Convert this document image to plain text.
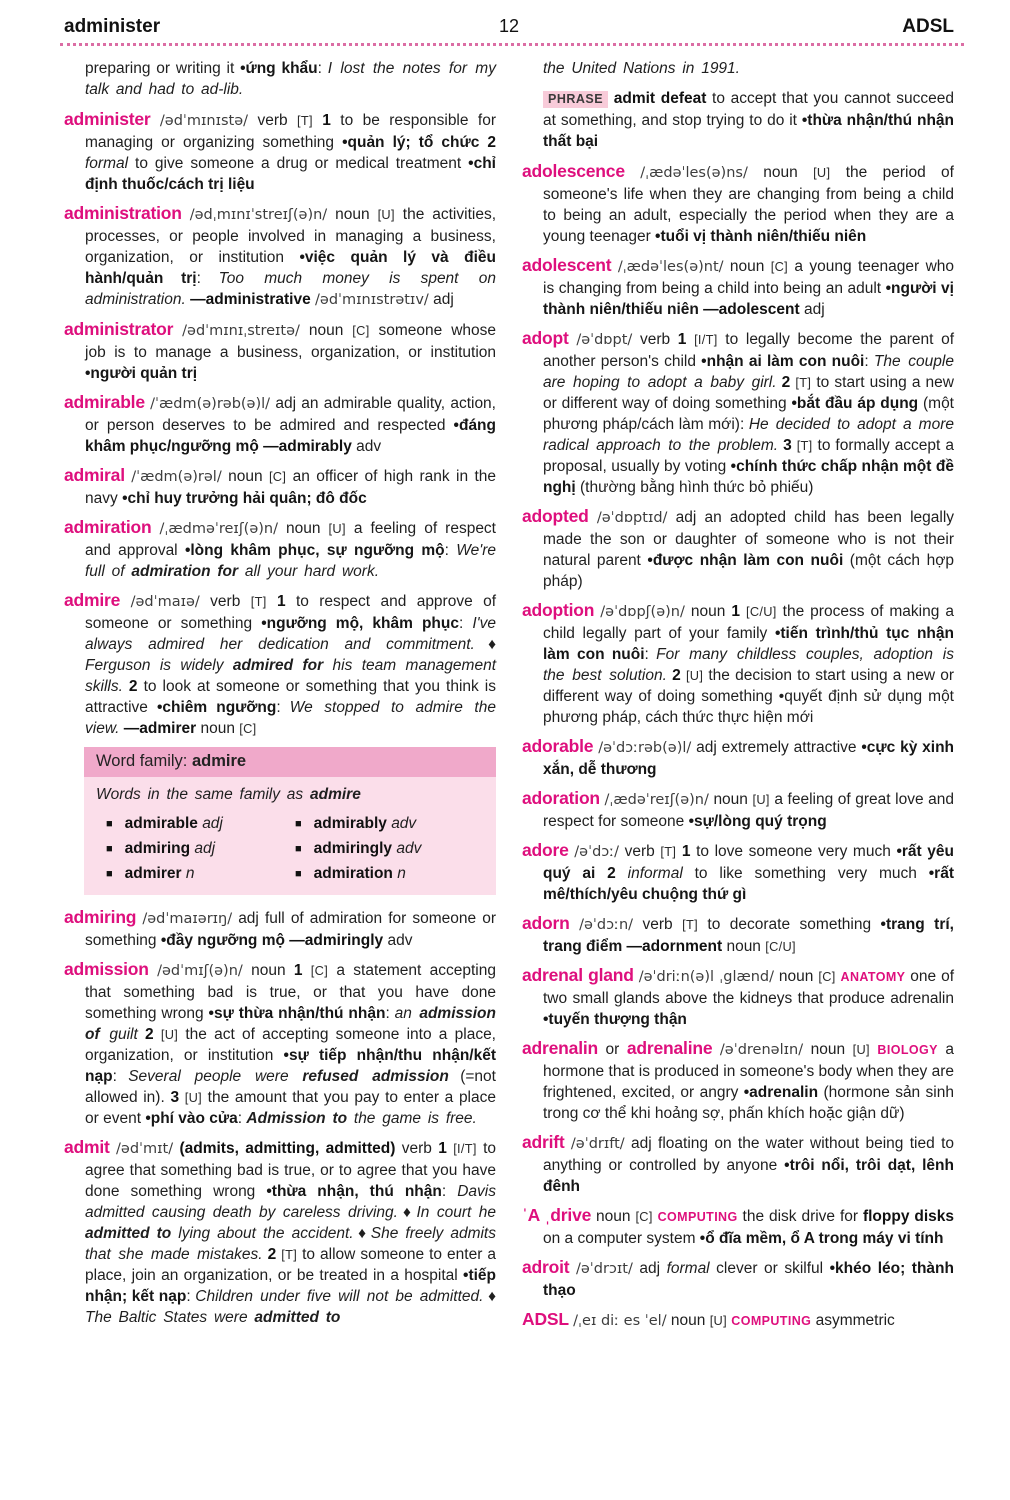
administer	12	ADSL

preparing or writing it •ứng khẩu: I lost the notes for my talk and had to ad-lib.

administer /ədˈmɪnɪstə/ verb [T] 1 to be responsible for managing or organizing something •quản lý; tổ chức 2 formal to give someone a drug or medical treatment •chỉ định thuốc/cách trị liệu

administration /ədˌmɪnɪˈstreɪʃ(ə)n/ noun [U] the activities, processes, or people involved in managing a business, organization, or institution •việc quản lý và điều hành/quản trị: Too much money is spent on administration. —administrative /ədˈmɪnɪstrətɪv/ adj

administrator /ədˈmɪnɪˌstreɪtə/ noun [C] someone whose job is to manage a business, organization, or institution •người quản trị

admirable /ˈædm(ə)rəb(ə)l/ adj an admirable quality, action, or person deserves to be admired and respected •đáng khâm phục/ngưỡng mộ —admirably adv

admiral /ˈædm(ə)rəl/ noun [C] an officer of high rank in the navy •chỉ huy trưởng hải quân; đô đốc

admiration /ˌædməˈreɪʃ(ə)n/ noun [U] a feeling of respect and approval •lòng khâm phục, sự ngưỡng mộ: We're full of admiration for all your hard work.

admire /ədˈmaɪə/ verb [T] 1 to respect and approve of someone or something •ngưỡng mộ, khâm phục: I've always admired her dedication and commitment. ♦ Ferguson is widely admired for his team management skills. 2 to look at someone or something that you think is attractive •chiêm ngưỡng: We stopped to admire the view. —admirer noun [C]

Word family: admire

Words in the same family as admire

■ admirable adj	■ admirably adv
■ admiring adj	■ admiringly adv
■ admirer n	■ admiration n

admiring /ədˈmaɪərɪŋ/ adj full of admiration for someone or something •đầy ngưỡng mộ —admiringly adv

admission /ədˈmɪʃ(ə)n/ noun 1 [C] a statement accepting that something bad is true, or that you have done something wrong •sự thừa nhận/thú nhận: an admission of guilt 2 [U] the act of accepting someone into a place, organization, or institution •sự tiếp nhận/thu nhận/kết nạp: Several people were refused admission (=not allowed in). 3 [U] the amount that you pay to enter a place or event •phí vào cửa: Admission to the game is free.

admit /ədˈmɪt/ (admits, admitting, admitted) verb 1 [I/T] to agree that something bad is true, or to agree that you have done something wrong •thừa nhận, thú nhận: Davis admitted causing death by careless driving. ♦ In court he admitted to lying about the accident. ♦ She freely admits that she made mistakes. 2 [T] to allow someone to enter a place, join an organization, or be treated in a hospital •tiếp nhận; kết nạp: Children under five will not be admitted. ♦ The Baltic States were admitted to

the United Nations in 1991.

PHRASE admit defeat to accept that you cannot succeed at something, and stop trying to do it •thừa nhận/thú nhận thất bại

adolescence /ˌædəˈles(ə)ns/ noun [U] the period of someone's life when they are changing from being a child to being an adult, especially the period when they are a young teenager •tuổi vị thành niên/thiếu niên

adolescent /ˌædəˈles(ə)nt/ noun [C] a young teenager who is changing from being a child into being an adult •người vị thành niên/thiếu niên —adolescent adj

adopt /əˈdɒpt/ verb 1 [I/T] to legally become the parent of another person's child •nhận ai làm con nuôi: The couple are hoping to adopt a baby girl. 2 [T] to start using a new or different way of doing something •bắt đầu áp dụng (một phương pháp/cách làm mới): He decided to adopt a more radical approach to the problem. 3 [T] to formally accept a proposal, usually by voting •chính thức chấp nhận một đề nghị (thường bằng hình thức bỏ phiếu)

adopted /əˈdɒptɪd/ adj an adopted child has been legally made the son or daughter of someone who is not their natural parent •được nhận làm con nuôi (một cách hợp pháp)

adoption /əˈdɒpʃ(ə)n/ noun 1 [C/U] the process of making a child legally part of your family •tiến trình/thủ tục nhận làm con nuôi: For many childless couples, adoption is the best solution. 2 [U] the decision to start using a new or different way of doing something •quyết định sử dụng một phương pháp, cách thức thực hiện mới

adorable /əˈdɔːrəb(ə)l/ adj extremely attractive •cực kỳ xinh xắn, dễ thương

adoration /ˌædəˈreɪʃ(ə)n/ noun [U] a feeling of great love and respect for someone •sự/lòng quý trọng

adore /əˈdɔː/ verb [T] 1 to love someone very much •rất yêu quý ai 2 informal to like something very much •rất mê/thích/yêu chuộng thứ gì

adorn /əˈdɔːn/ verb [T] to decorate something •trang trí, trang điểm —adornment noun [C/U]

adrenal gland /əˈdriːn(ə)l ˌglænd/ noun [C] ANATOMY one of two small glands above the kidneys that produce adrenalin •tuyến thượng thận

adrenalin or adrenaline /əˈdrenəlɪn/ noun [U] BIOLOGY a hormone that is produced in someone's body when they are frightened, excited, or angry •adrenalin (hormone sản sinh trong cơ thể khi hoảng sợ, phấn khích hoặc giận dữ)

adrift /əˈdrɪft/ adj floating on the water without being tied to anything or controlled by anyone •trôi nổi, trôi dạt, lênh đênh

ˈA ˌdrive noun [C] COMPUTING the disk drive for floppy disks on a computer system •ổ đĩa mềm, ổ A trong máy vi tính

adroit /əˈdrɔɪt/ adj formal clever or skilful •khéo léo; thành thạo

ADSL /ˌeɪ diː es ˈel/ noun [U] COMPUTING asymmetric
